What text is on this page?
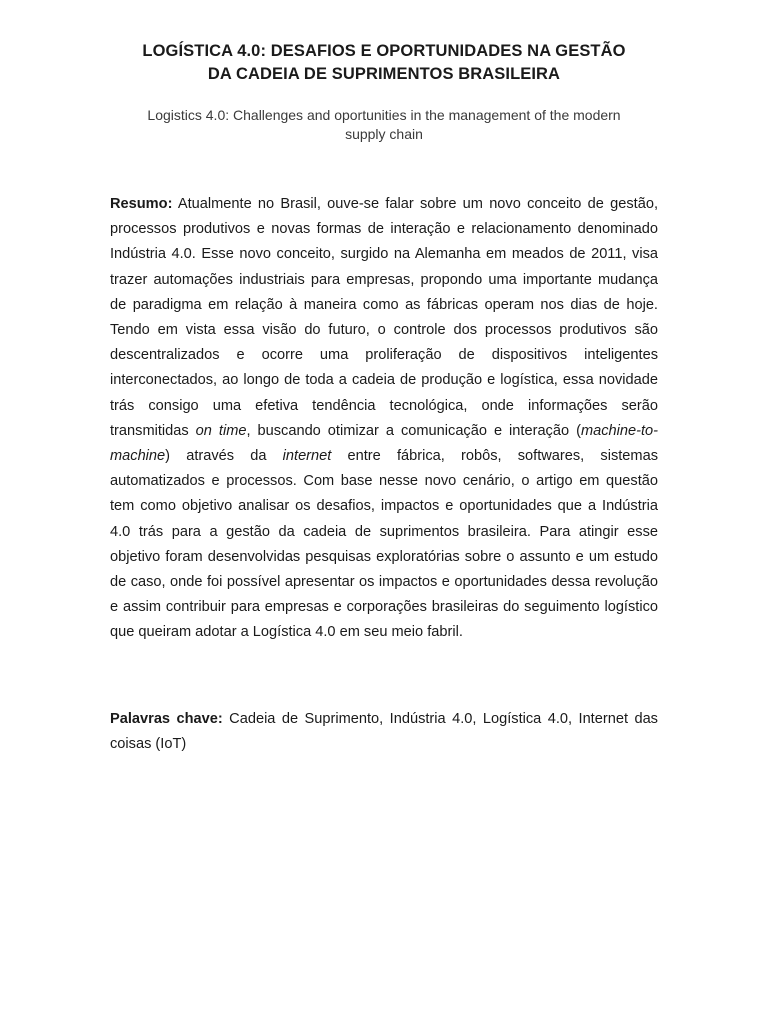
LOGÍSTICA 4.0: DESAFIOS E OPORTUNIDADES NA GESTÃO
DA CADEIA DE SUPRIMENTOS BRASILEIRA

Logistics 4.0: Challenges and oportunities in the management of the modern
supply chain

Resumo: Atualmente no Brasil, ouve-se falar sobre um novo conceito de gestão, processos produtivos e novas formas de interação e relacionamento denominado Indústria 4.0. Esse novo conceito, surgido na Alemanha em meados de 2011, visa trazer automações industriais para empresas, propondo uma importante mudança de paradigma em relação à maneira como as fábricas operam nos dias de hoje. Tendo em vista essa visão do futuro, o controle dos processos produtivos são descentralizados e ocorre uma proliferação de dispositivos inteligentes interconectados, ao longo de toda a cadeia de produção e logística, essa novidade trás consigo uma efetiva tendência tecnológica, onde informações serão transmitidas on time, buscando otimizar a comunicação e interação (machine-to-machine) através da internet entre fábrica, robôs, softwares, sistemas automatizados e processos. Com base nesse novo cenário, o artigo em questão tem como objetivo analisar os desafios, impactos e oportunidades que a Indústria 4.0 trás para a gestão da cadeia de suprimentos brasileira. Para atingir esse objetivo foram desenvolvidas pesquisas exploratórias sobre o assunto e um estudo de caso, onde foi possível apresentar os impactos e oportunidades dessa revolução e assim contribuir para empresas e corporações brasileiras do seguimento logístico que queiram adotar a Logística 4.0 em seu meio fabril.

Palavras chave: Cadeia de Suprimento, Indústria 4.0, Logística 4.0, Internet das coisas (IoT)
